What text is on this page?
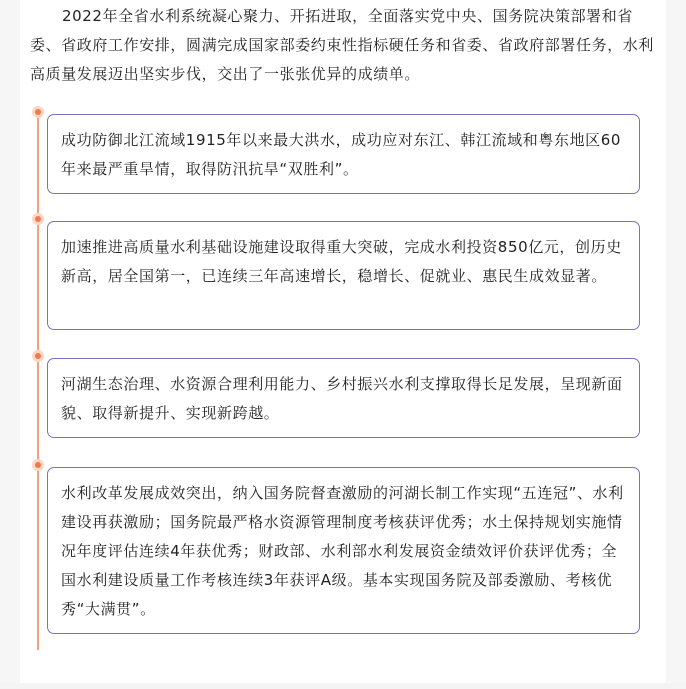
2022年全省水利系统凝心聚力、开拓进取，全面落实党中央、国务院决策部署和省委、省政府工作安排，圆满完成国家部委约束性指标硬任务和省委、省政府部署任务，水利高质量发展迈出坚实步伐，交出了一张张优异的成绩单。

成功防御北江流域1915年以来最大洪水，成功应对东江、韩江流域和粤东地区60年来最严重旱情，取得防汛抗旱“双胜利”。

加速推进高质量水利基础设施建设取得重大突破，完成水利投资850亿元，创历史新高，居全国第一，已连续三年高速增长，稳增长、促就业、惠民生成效显著。

河湖生态治理、水资源合理利用能力、乡村振兴水利支撑取得长足发展，呈现新面貌、取得新提升、实现新跨越。

水利改革发展成效突出，纳入国务院督查激励的河湖长制工作实现“五连冠”、水利建设再获激励；国务院最严格水资源管理制度考核获评优秀；水土保持规划实施情况年度评估连续4年获优秀；财政部、水利部水利发展资金绩效评价获评优秀；全国水利建设质量工作考核连续3年获评A级。基本实现国务院及部委激励、考核优秀“大满贯”。
